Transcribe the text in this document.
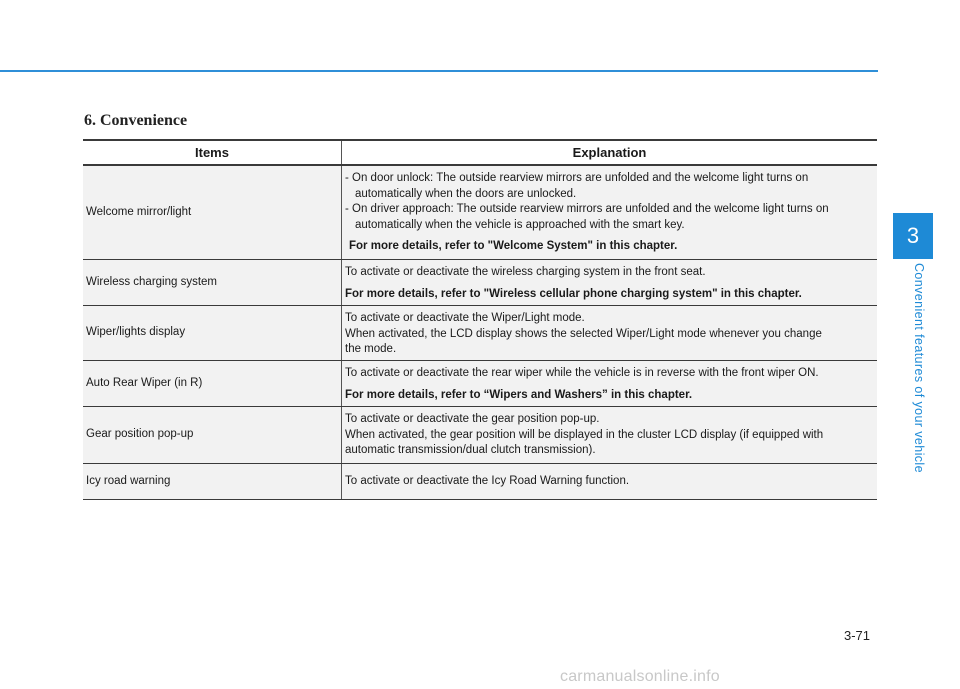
6. Convenience
Items	Explanation
Welcome mirror/light
- On door unlock: The outside rearview mirrors are unfolded and the welcome light turns on
automatically when the doors are unlocked.
- On driver approach: The outside rearview mirrors are unfolded and the welcome light turns on
automatically when the vehicle is approached with the smart key.
For more details, refer to "Welcome System" in this chapter.
Wireless charging system
To activate or deactivate the wireless charging system in the front seat.
For more details, refer to "Wireless cellular phone charging system" in this chapter.
Wiper/lights display
To activate or deactivate the Wiper/Light mode.
When activated, the LCD display shows the selected Wiper/Light mode whenever you change
the mode.
Auto Rear Wiper (in R)
To activate or deactivate the rear wiper while the vehicle is in reverse with the front wiper ON.
For more details, refer to “Wipers and Washers” in this chapter.
Gear position pop-up
To activate or deactivate the gear position pop-up.
When activated, the gear position will be displayed in the cluster LCD display (if equipped with
automatic transmission/dual clutch transmission).
Icy road warning	To activate or deactivate the Icy Road Warning function.
3
Convenient features of your vehicle
3-71
carmanualsonline.info
